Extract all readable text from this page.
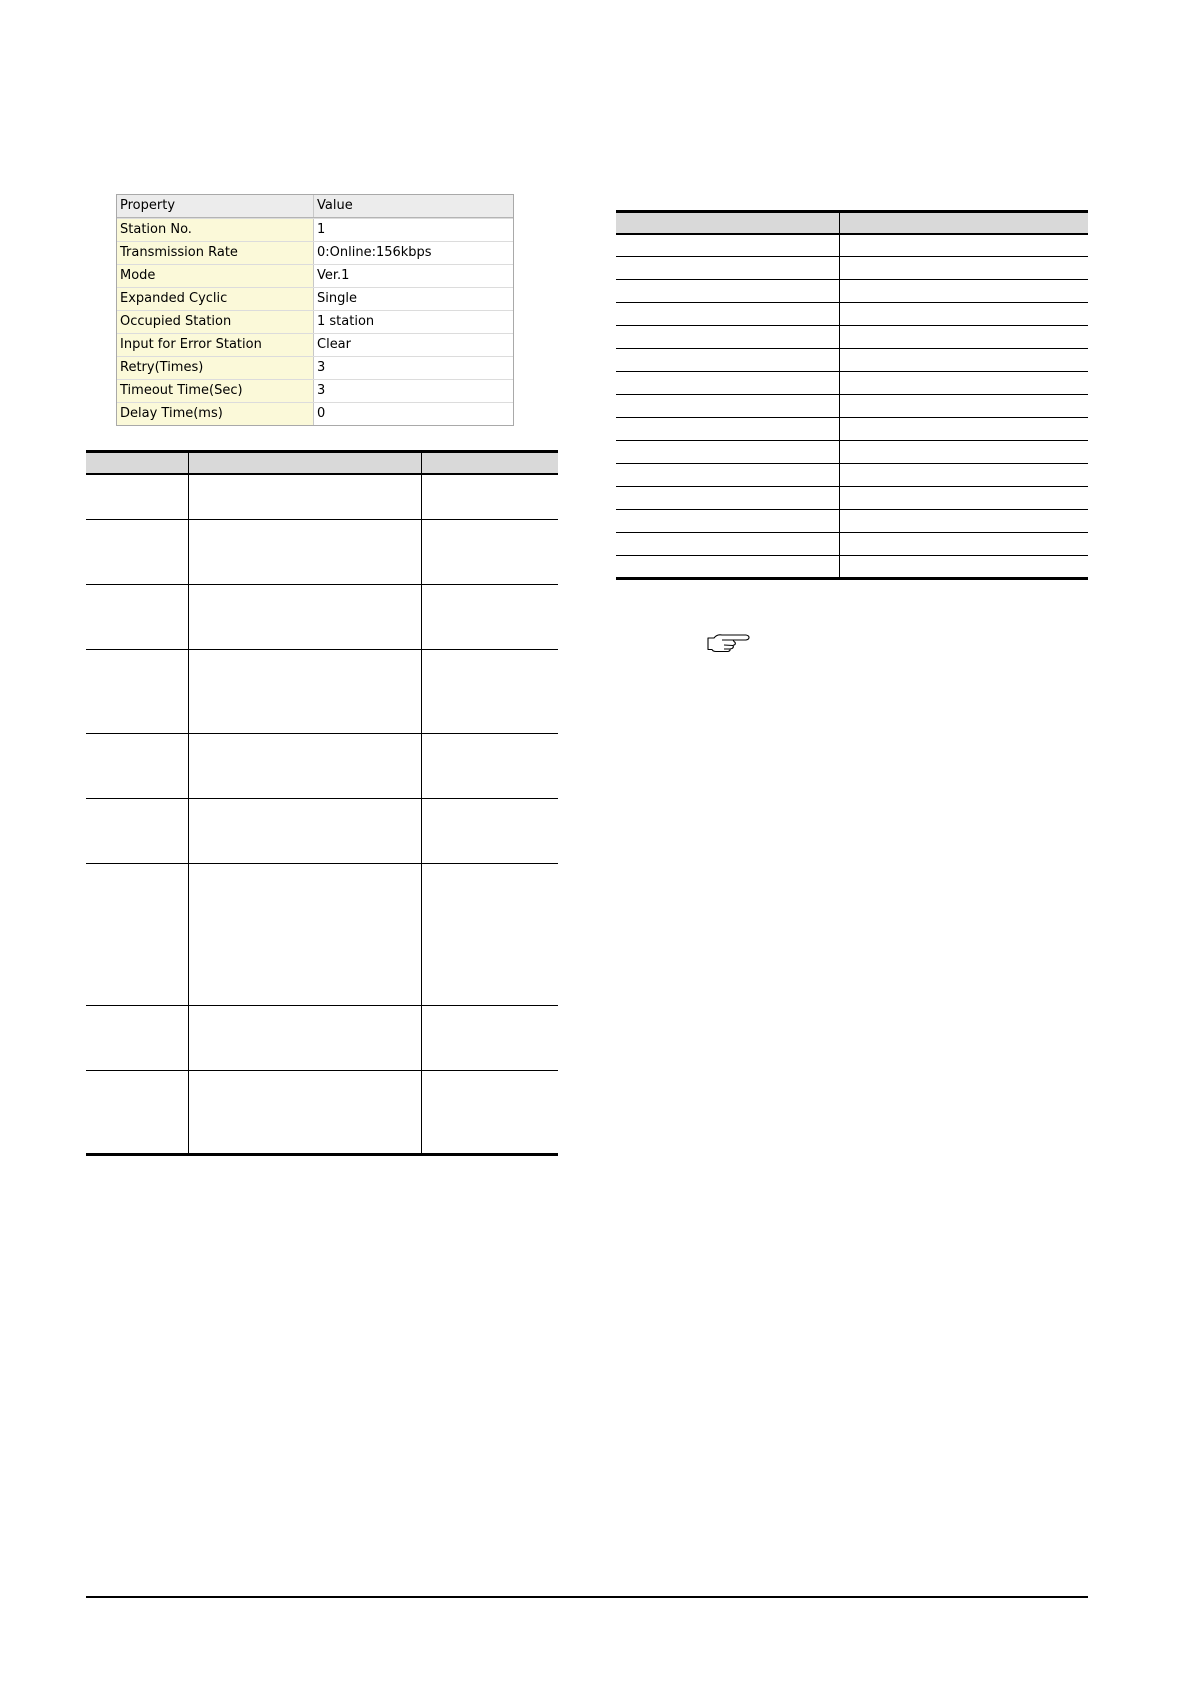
Property	Value
Station No.	1
Transmission Rate	0:Online:156kbps
Mode	Ver.1
Expanded Cyclic	Single
Occupied Station	1 station
Input for Error Station	Clear
Retry(Times)	3
Timeout Time(Sec)	3
Delay Time(ms)	0
